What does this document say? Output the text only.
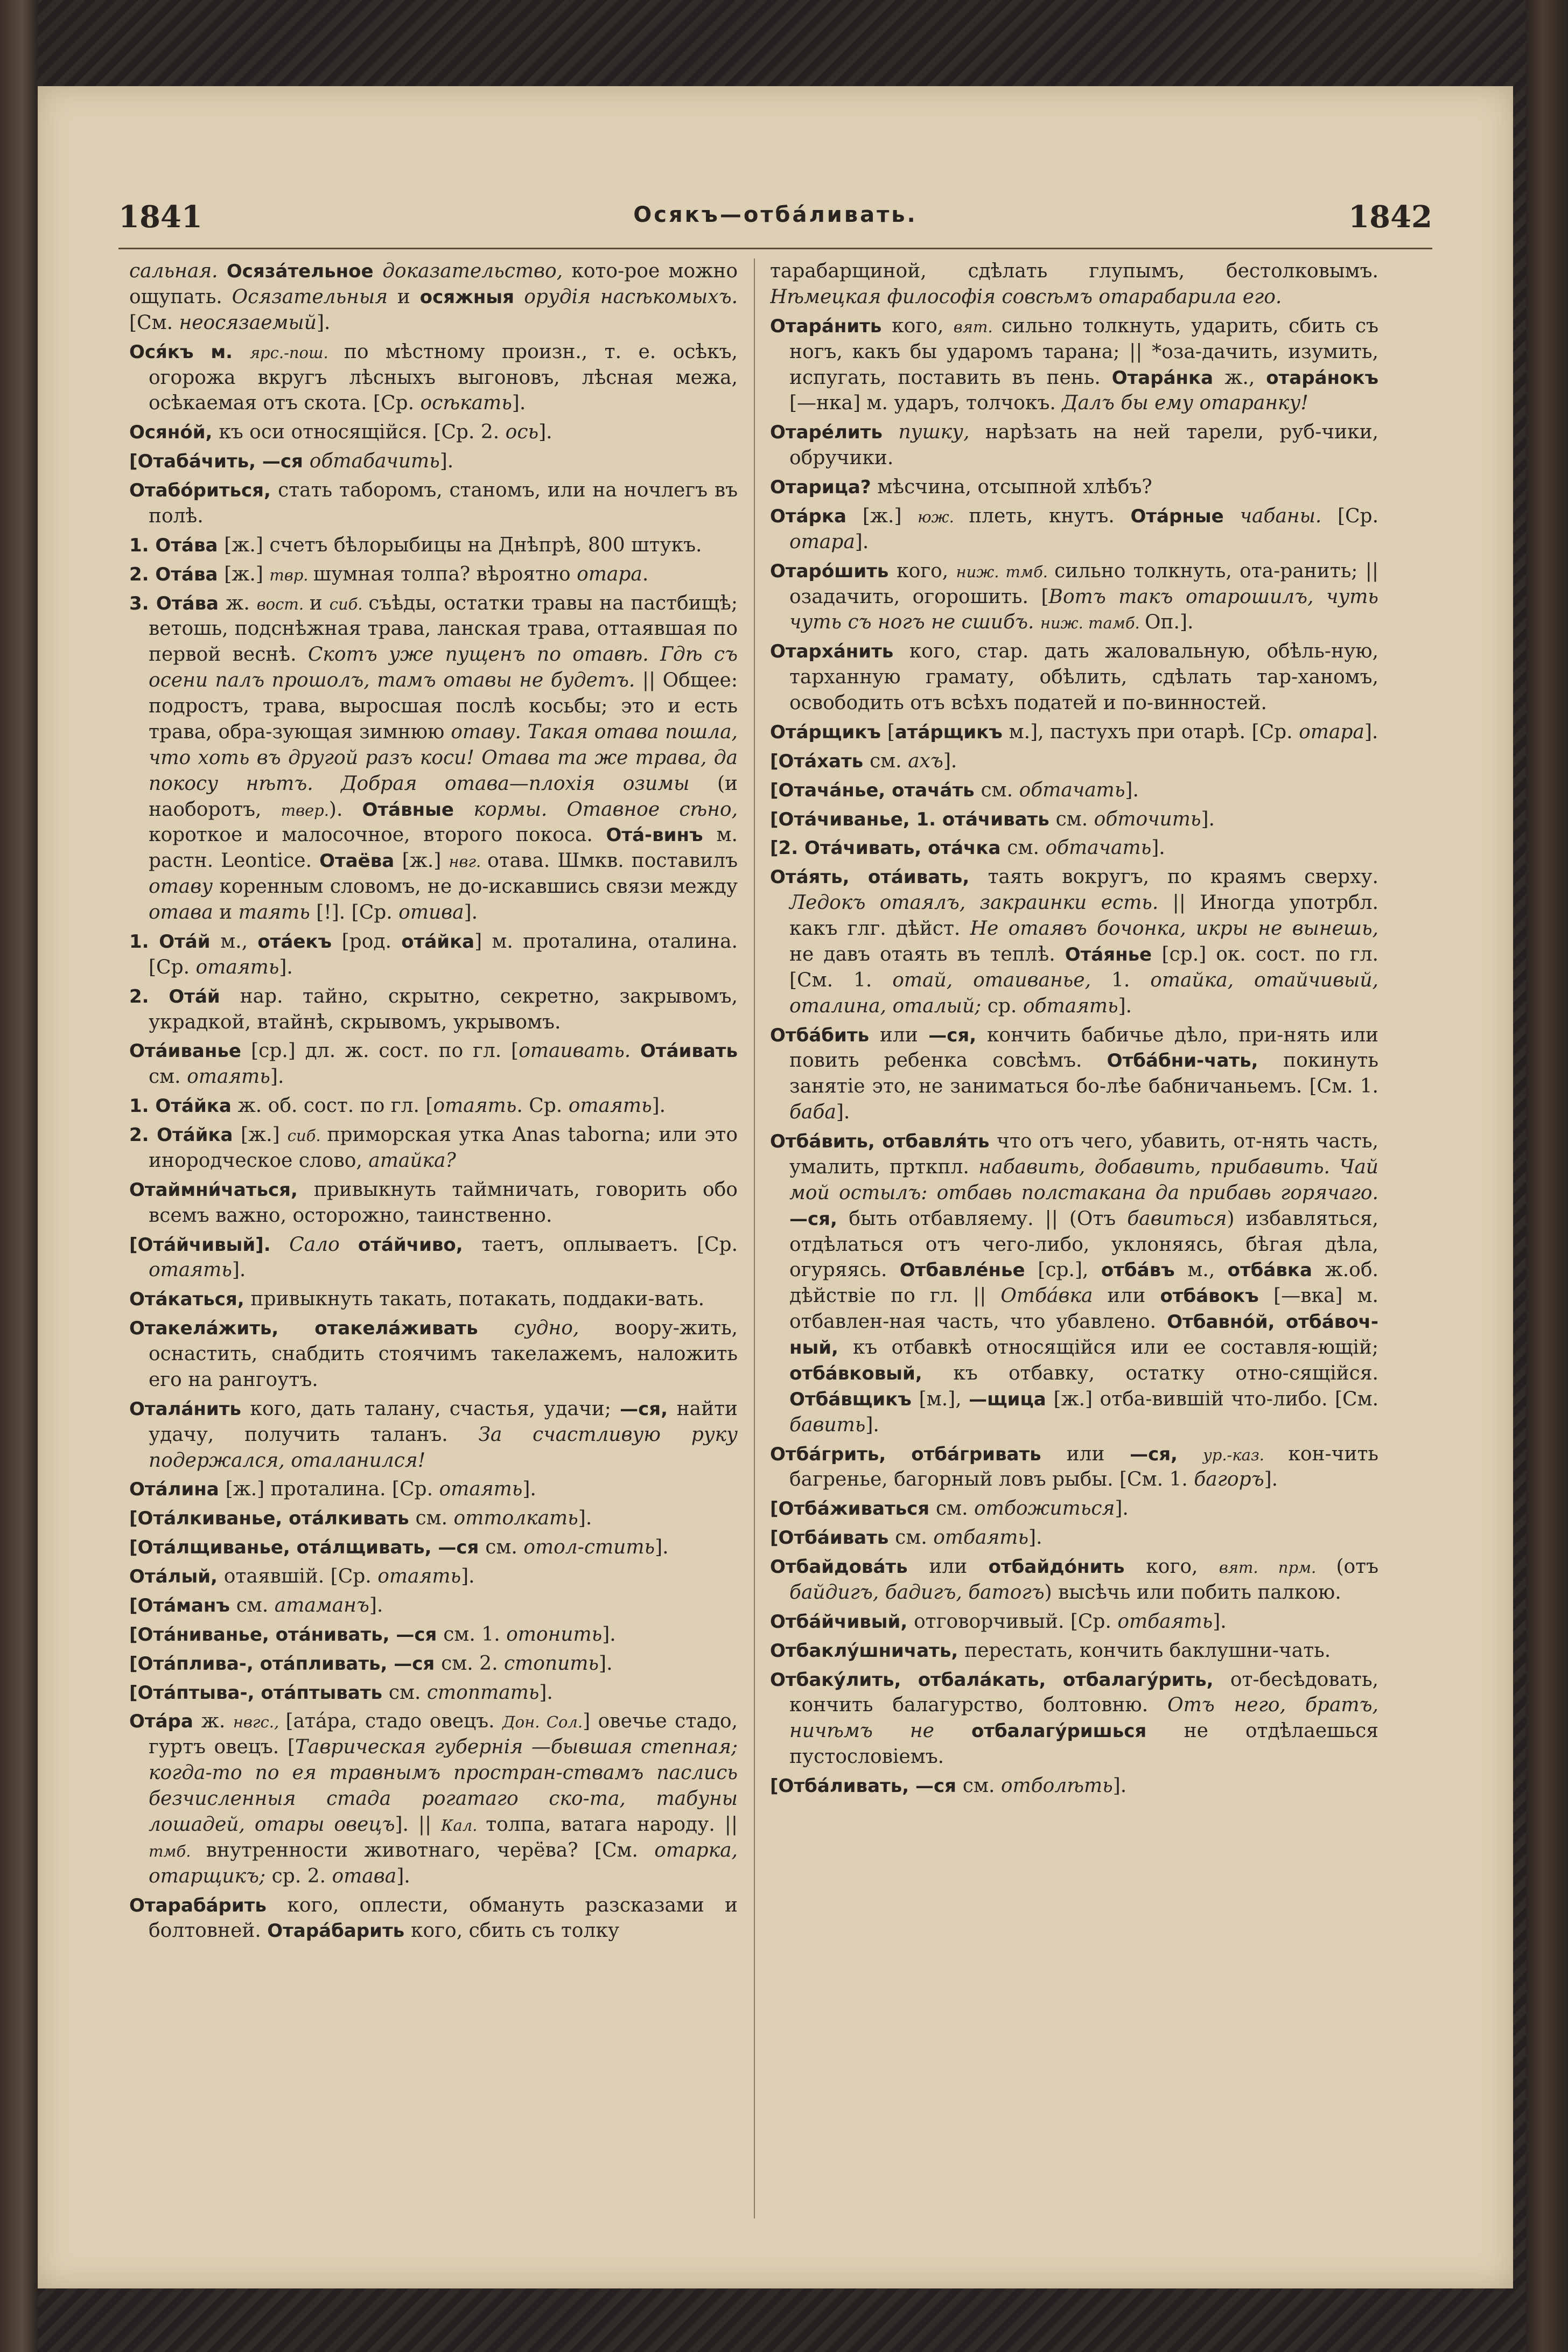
1841	Осякъ—отба́ливать.	1842

сальная. Осяза́тельное доказательство, кото-рое можно ощупать. Осязательныя и осяжныя орудія насѣкомыхъ. [См. неосязаемый].

Ося́къ м. ярс.-пош. по мѣстному произн., т. е. осѣкъ, огорожа вкругъ лѣсныхъ выгоновъ, лѣсная межа, осѣкаемая отъ скота. [Ср. осѣкать].

Осяно́й, къ оси относящійся. [Ср. 2. ось].

[Отаба́чить, —ся обтабачить].

Отабо́риться, стать таборомъ, станомъ, или на ночлегъ въ полѣ.

1. Ота́ва [ж.] счетъ бѣлорыбицы на Днѣпрѣ, 800 штукъ.

2. Ота́ва [ж.] твр. шумная толпа? вѣроятно отара.

3. Ота́ва ж. вост. и сиб. съѣды, остатки травы на пастбищѣ; ветошь, подснѣжная трава, ланская трава, оттаявшая по первой веснѣ. Скотъ уже пущенъ по отавѣ. Гдѣ съ осени палъ прошолъ, тамъ отавы не будетъ. || Общее: подростъ, трава, выросшая послѣ косьбы; это и есть трава, обра-зующая зимнюю отаву. Такая отава пошла, что хоть въ другой разъ коси! Отава та же трава, да покосу нѣтъ. Добрая отава—плохія озимы (и наоборотъ, твер.). Ота́вные кормы. Отавное сѣно, короткое и малосочное, второго покоса. Ота́-винъ м. растн. Leontice. Отаёва [ж.] нвг. отава. Шмкв. поставилъ отаву коренным словомъ, не до-искавшись связи между отава и таять [!]. [Ср. отива].

1. Ота́й м., ота́екъ [род. ота́йка] м. проталина, оталина. [Ср. отаять].

2. Ота́й нар. тайно, скрытно, секретно, закрывомъ, украдкой, втайнѣ, скрывомъ, укрывомъ.

Ота́иванье [ср.] дл. ж. сост. по гл. [отаивать. Ота́ивать см. отаять].

1. Ота́йка ж. об. сост. по гл. [отаять. Ср. отаять].

2. Ота́йка [ж.] сиб. приморская утка Anas taborna; или это инородческое слово, атайка?

Отаймни́чаться, привыкнуть таймничать, говорить обо всемъ важно, осторожно, таинственно.

[Ота́йчивый]. Сало ота́йчиво, таетъ, оплываетъ. [Ср. отаять].

Ота́каться, привыкнуть такать, потакать, поддаки-вать.

Отакела́жить, отакела́живать судно, воору-жить, оснастить, снабдить стоячимъ такелажемъ, наложить его на рангоутъ.

Отала́нить кого, дать талану, счастья, удачи; —ся, найти удачу, получить таланъ. За счастливую руку подержался, оталанился!

Ота́лина [ж.] проталина. [Ср. отаять].

[Ота́лкиванье, ота́лкивать см. оттолкать].

[Ота́лщиванье, ота́лщивать, —ся см. отол-стить].

Ота́лый, отаявшій. [Ср. отаять].

[Ота́манъ см. атаманъ].

[Ота́ниванье, ота́нивать, —ся см. 1. отонить].

[Ота́плива-, ота́пливать, —ся см. 2. стопить].

[Ота́птыва-, ота́птывать см. стоптать].

Ота́ра ж. нвгс., [ата́ра, стадо овецъ. Дон. Сол.] овечье стадо, гуртъ овецъ. [Таврическая губернія —бывшая степная; когда-то по ея травнымъ простран-ствамъ паслись безчисленныя стада рогатаго ско-та, табуны лошадей, отары овецъ]. || Кал. толпа, ватага народу. || тмб. внутренности животнаго, черёва? [См. отарка, отарщикъ; ср. 2. отава].

Отараба́рить кого, оплести, обмануть разсказами и болтовней. Отара́барить кого, сбить съ толку

тарабарщиной, сдѣлать глупымъ, бестолковымъ. Нѣмецкая философія совсѣмъ отарабарила его.

Отара́нить кого, вят. сильно толкнуть, ударить, сбить съ ногъ, какъ бы ударомъ тарана; || *оза-дачить, изумить, испугать, поставить въ пень. Отара́нка ж., отара́нокъ [—нка] м. ударъ, толчокъ. Далъ бы ему отаранку!

Отаре́лить пушку, нарѣзать на ней тарели, руб-чики, обручики.

Отарица? мѣсчина, отсыпной хлѣбъ?

Ота́рка [ж.] юж. плеть, кнутъ. Ота́рные чабаны. [Ср. отара].

Отаро́шить кого, ниж. тмб. сильно толкнуть, ота-ранить; || озадачить, огорошить. [Вотъ такъ отарошилъ, чуть чуть съ ногъ не сшибъ. ниж. тамб. Оп.].

Отарха́нить кого, стар. дать жаловальную, обѣль-ную, тарханную грамату, обѣлить, сдѣлать тар-ханомъ, освободить отъ всѣхъ податей и по-винностей.

Ота́рщикъ [ата́рщикъ м.], пастухъ при отарѣ. [Ср. отара].

[Ота́хать см. ахъ].

[Отача́нье, отача́ть см. обтачать].

[Ота́чиванье, 1. ота́чивать см. обточить].

[2. Ота́чивать, ота́чка см. обтачать].

Ота́ять, ота́ивать, таять вокругъ, по краямъ сверху. Ледокъ отаялъ, закраинки есть. || Иногда употрбл. какъ глг. дѣйст. Не отаявъ бочонка, икры не вынешь, не давъ отаять въ теплѣ. Ота́янье [ср.] ок. сост. по гл. [См. 1. отай, отаиванье, 1. отайка, отайчивый, оталина, оталый; ср. обтаять].

Отба́бить или —ся, кончить бабичье дѣло, при-нять или повить ребенка совсѣмъ. Отба́бни-чать, покинуть занятіе это, не заниматься бо-лѣе бабничаньемъ. [См. 1. баба].

Отба́вить, отбавля́ть что отъ чего, убавить, от-нять часть, умалить, прткпл. набавить, добавить, прибавить. Чай мой остылъ: отбавь полстакана да прибавь горячаго. —ся, быть отбавляему. || (Отъ бавиться) избавляться, отдѣлаться отъ чего-либо, уклоняясь, бѣгая дѣла, огуряясь. Отбавле́нье [ср.], отба́въ м., отба́вка ж.об. дѣйствіе по гл. || Отба́вка или отба́вокъ [—вка] м. отбавлен-ная часть, что убавлено. Отбавно́й, отба́воч-ный, къ отбавкѣ относящійся или ее составля-ющій; отба́вковый, къ отбавку, остатку отно-сящійся. Отба́вщикъ [м.], —щица [ж.] отба-вившій что-либо. [См. бавить].

Отба́грить, отба́гривать или —ся, ур.-каз. кон-чить багренье, багорный ловъ рыбы. [См. 1. багоръ].

[Отба́живаться см. отбожиться].

[Отба́ивать см. отбаять].

Отбайдова́ть или отбайдо́нить кого, вят. прм. (отъ байдигъ, бадигъ, батогъ) высѣчь или побить палкою.

Отба́йчивый, отговорчивый. [Ср. отбаять].

Отбаклу́шничать, перестать, кончить баклушни-чать.

Отбаку́лить, отбала́кать, отбалагу́рить, от-бесѣдовать, кончить балагурство, болтовню. Отъ него, братъ, ничѣмъ не отбалагу́ришься не отдѣлаешься пустословіемъ.

[Отба́ливать, —ся см. отболѣть].
